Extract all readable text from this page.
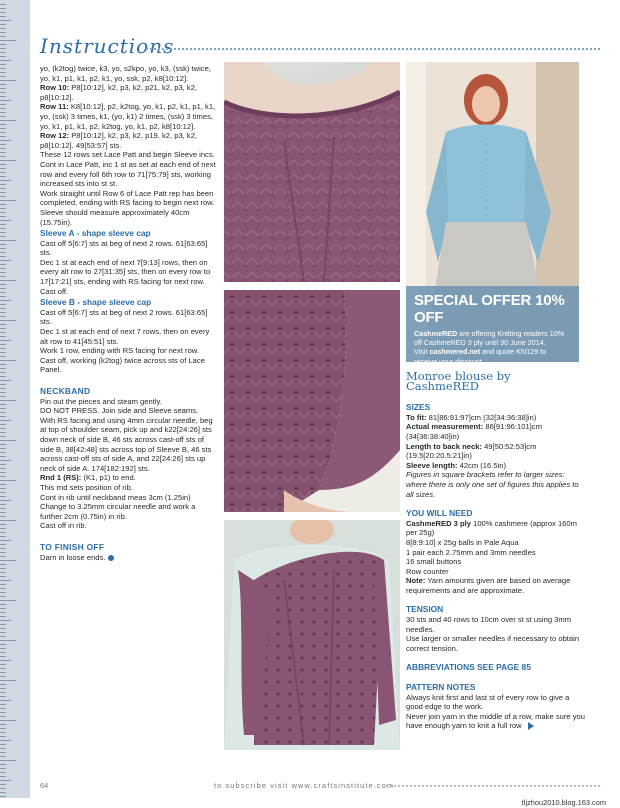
Instructions

yo, (k2tog) twice, k3, yo, s2kpo, yo, k3, (ssk) twice, yo, k1, p1, k1, p2, k1, yo, ssk, p2, k8[10:12].

Row 10: P8[10:12], k2, p3, k2, p21, k2, p3, k2, p8[10:12].

Row 11: K8[10:12], p2, k2tog, yo, k1, p2, k1, p1, k1, yo, (ssk) 3 times, k1, (yo, k1) 2 times, (ssk) 3 times, yo, k1, p1, k1, p2, k2tog, yo, k1, p2, k8[10:12].

Row 12: P8[10:12], k2, p3, k2, p19, k2, p3, k2, p8[10:12]. 49[53:57] sts.

These 12 rows set Lace Patt and begin Sleeve incs.

Cont in Lace Patt, inc 1 st as set at each end of next row and every foll 6th row to 71[75:79] sts, working increased sts into st st.

Work straight until Row 6 of Lace Patt rep has been completed, ending with RS facing to begin next row.

Sleeve should measure approximately 40cm (15.75in).

Sleeve A - shape sleeve cap

Cast off 5[6:7] sts at beg of next 2 rows. 61[63:65] sts.

Dec 1 st at each end of next 7[9:13] rows, then on every alt row to 27[31:35] sts, then on every row to 17[17:21] sts, ending with RS facing for next row.

Cast off.

Sleeve B - shape sleeve cap

Cast off 5[6:7] sts at beg of next 2 rows. 61[63:65] sts.

Dec 1 st at each end of next 7 rows, then on every alt row to 41[45:51] sts.

Work 1 row, ending with RS facing for next row.

Cast off, working (k2tog) twice across sts of Lace Panel.

NECKBAND

Pin out the pieces and steam gently.

DO NOT PRESS. Join side and Sleeve seams.

With RS facing and using 4mm circular needle, beg at top of shoulder seam, pick up and k22[24:26] sts down neck of side B, 46 sts across cast-off sts of side B, 38[42:48] sts across top of Sleeve B, 46 sts across cast-off sts of side A, and 22[24:26] sts up neck of side A. 174[182:192] sts.

Rnd 1 (RS): (K1, p1) to end.

This rnd sets position of rib.

Cont in rib until neckband meas 3cm (1.25in)

Change to 3.25mm circular needle and work a further 2cm (0.75in) in rib.

Cast off in rib.

TO FINISH OFF

Darn in loose ends.

SPECIAL OFFER 10% OFF
CashmeRED are offering Knitting readers 10% off CashmeRED 3 ply until 30 June 2014.
Visit cashmered.net and quote KN129 to receive your discount.

Monroe blouse by CashmeRED

SIZES

To fit: 81[86:91:97]cm (32[34:36:38]in)

Actual measurement: 86[91:96:101]cm (34[36:38:40]in)

Length to back neck: 49[50:52:53]cm (19.5[20:20.5:21]in)

Sleeve length: 42cm (16.5in)

Figures in square brackets refer to larger sizes: where there is only one set of figures this applies to all sizes.

YOU WILL NEED

CashmeRED 3 ply 100% cashmere (approx 160m per 25g)

8[8:9:10] x 25g balls in Pale Aqua

1 pair each 2.75mm and 3mm needles

16 small buttons

Row counter

Note: Yarn amounts given are based on average requirements and are approximate.

TENSION

30 sts and 40 rows to 10cm over st st using 3mm needles.

Use larger or smaller needles if necessary to obtain correct tension.

ABBREVIATIONS SEE PAGE 85

PATTERN NOTES

Always knit first and last st of every row to give a good edge to the work.

Never join yarn in the middle of a row, make sure you have enough yarn to knit a full row

64	to subscribe visit www.craftsinstitute.com
tljzhou2010.blog.163.com
